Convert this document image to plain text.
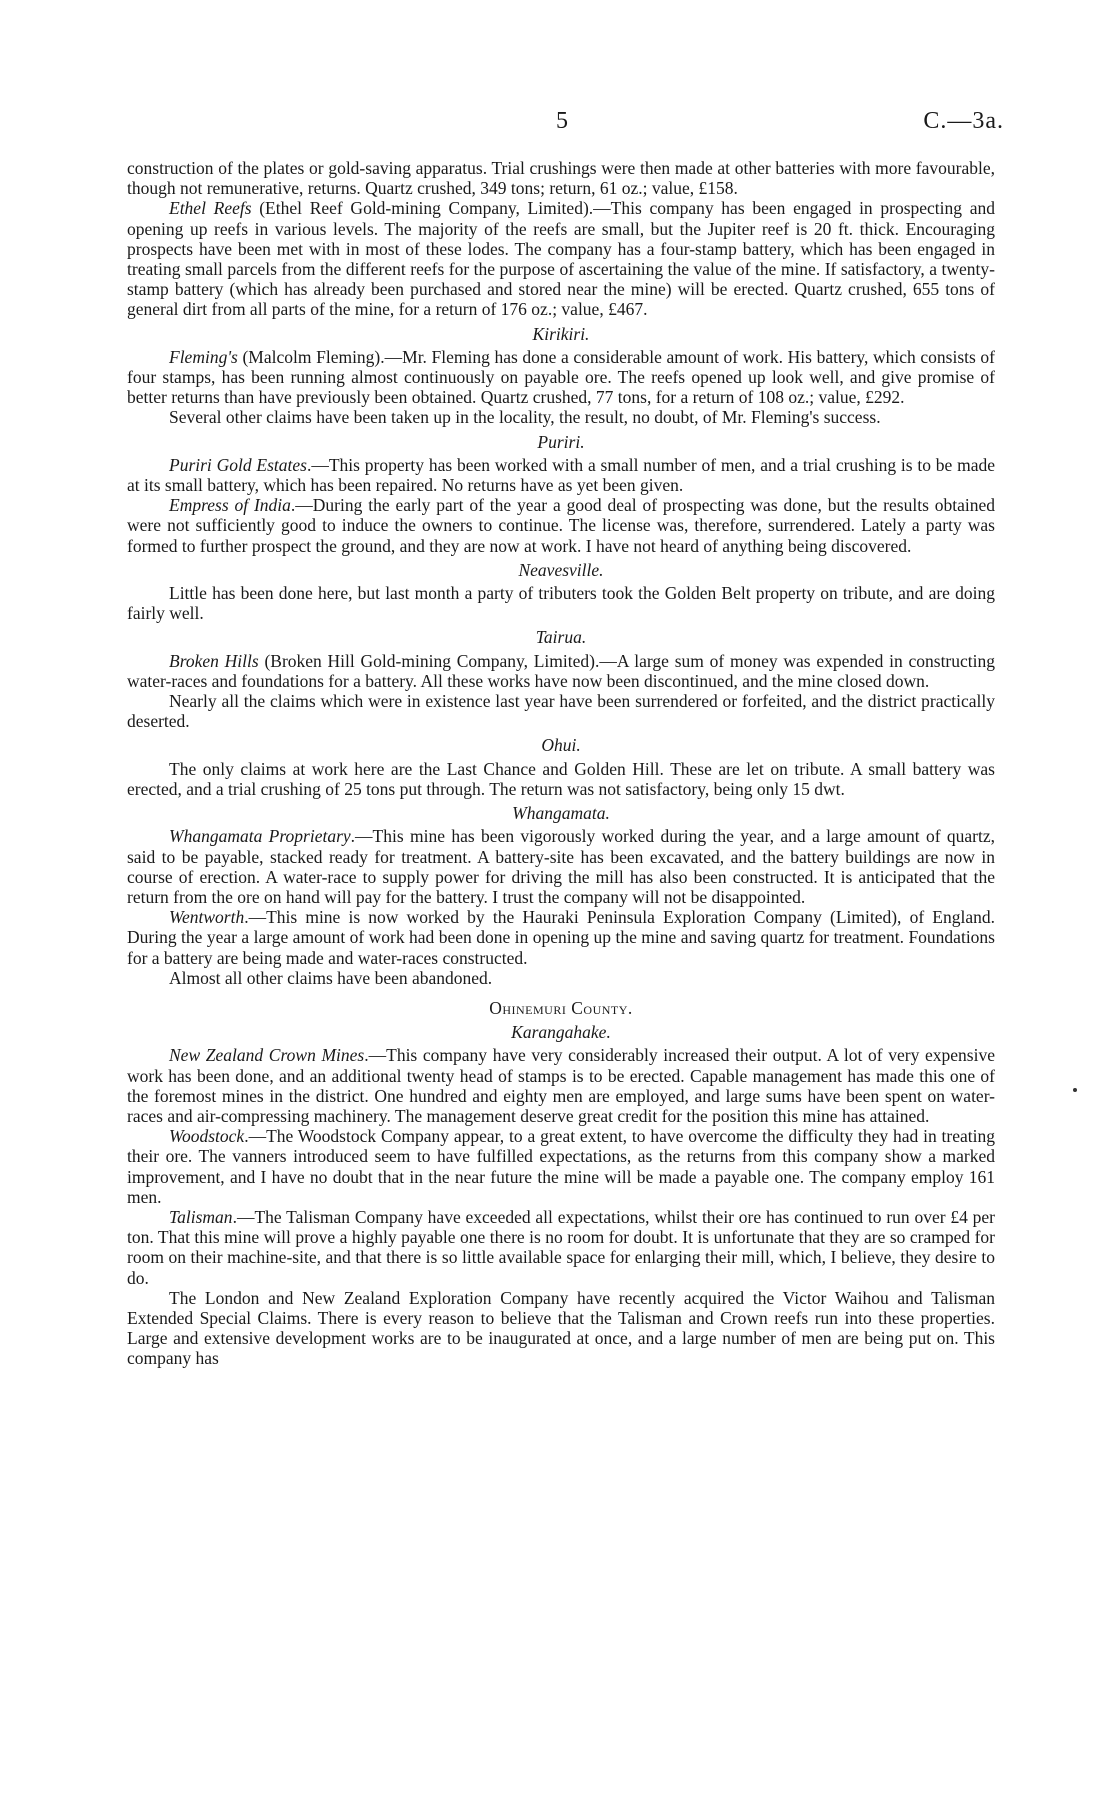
5	C.—3a.

construction of the plates or gold-saving apparatus. Trial crushings were then made at other batteries with more favourable, though not remunerative, returns. Quartz crushed, 349 tons; return, 61 oz.; value, £158.

Ethel Reefs (Ethel Reef Gold-mining Company, Limited).—This company has been engaged in prospecting and opening up reefs in various levels. The majority of the reefs are small, but the Jupiter reef is 20 ft. thick. Encouraging prospects have been met with in most of these lodes. The company has a four-stamp battery, which has been engaged in treating small parcels from the different reefs for the purpose of ascertaining the value of the mine. If satisfactory, a twenty-stamp battery (which has already been purchased and stored near the mine) will be erected. Quartz crushed, 655 tons of general dirt from all parts of the mine, for a return of 176 oz.; value, £467.

Kirikiri.

Fleming's (Malcolm Fleming).—Mr. Fleming has done a considerable amount of work. His battery, which consists of four stamps, has been running almost continuously on payable ore. The reefs opened up look well, and give promise of better returns than have previously been obtained. Quartz crushed, 77 tons, for a return of 108 oz.; value, £292.

Several other claims have been taken up in the locality, the result, no doubt, of Mr. Fleming's success.

Puriri.

Puriri Gold Estates.—This property has been worked with a small number of men, and a trial crushing is to be made at its small battery, which has been repaired. No returns have as yet been given.

Empress of India.—During the early part of the year a good deal of prospecting was done, but the results obtained were not sufficiently good to induce the owners to continue. The license was, therefore, surrendered. Lately a party was formed to further prospect the ground, and they are now at work. I have not heard of anything being discovered.

Neavesville.

Little has been done here, but last month a party of tributers took the Golden Belt property on tribute, and are doing fairly well.

Tairua.

Broken Hills (Broken Hill Gold-mining Company, Limited).—A large sum of money was expended in constructing water-races and foundations for a battery. All these works have now been discontinued, and the mine closed down.

Nearly all the claims which were in existence last year have been surrendered or forfeited, and the district practically deserted.

Ohui.

The only claims at work here are the Last Chance and Golden Hill. These are let on tribute. A small battery was erected, and a trial crushing of 25 tons put through. The return was not satisfactory, being only 15 dwt.

Whangamata.

Whangamata Proprietary.—This mine has been vigorously worked during the year, and a large amount of quartz, said to be payable, stacked ready for treatment. A battery-site has been excavated, and the battery buildings are now in course of erection. A water-race to supply power for driving the mill has also been constructed. It is anticipated that the return from the ore on hand will pay for the battery. I trust the company will not be disappointed.

Wentworth.—This mine is now worked by the Hauraki Peninsula Exploration Company (Limited), of England. During the year a large amount of work had been done in opening up the mine and saving quartz for treatment. Foundations for a battery are being made and water-races constructed.

Almost all other claims have been abandoned.

Ohinemuri County.
Karangahake.

New Zealand Crown Mines.—This company have very considerably increased their output. A lot of very expensive work has been done, and an additional twenty head of stamps is to be erected. Capable management has made this one of the foremost mines in the district. One hundred and eighty men are employed, and large sums have been spent on water-races and air-compressing machinery. The management deserve great credit for the position this mine has attained.

Woodstock.—The Woodstock Company appear, to a great extent, to have overcome the difficulty they had in treating their ore. The vanners introduced seem to have fulfilled expectations, as the returns from this company show a marked improvement, and I have no doubt that in the near future the mine will be made a payable one. The company employ 161 men.

Talisman.—The Talisman Company have exceeded all expectations, whilst their ore has continued to run over £4 per ton. That this mine will prove a highly payable one there is no room for doubt. It is unfortunate that they are so cramped for room on their machine-site, and that there is so little available space for enlarging their mill, which, I believe, they desire to do.

The London and New Zealand Exploration Company have recently acquired the Victor Waihou and Talisman Extended Special Claims. There is every reason to believe that the Talisman and Crown reefs run into these properties. Large and extensive development works are to be inaugurated at once, and a large number of men are being put on. This company has
